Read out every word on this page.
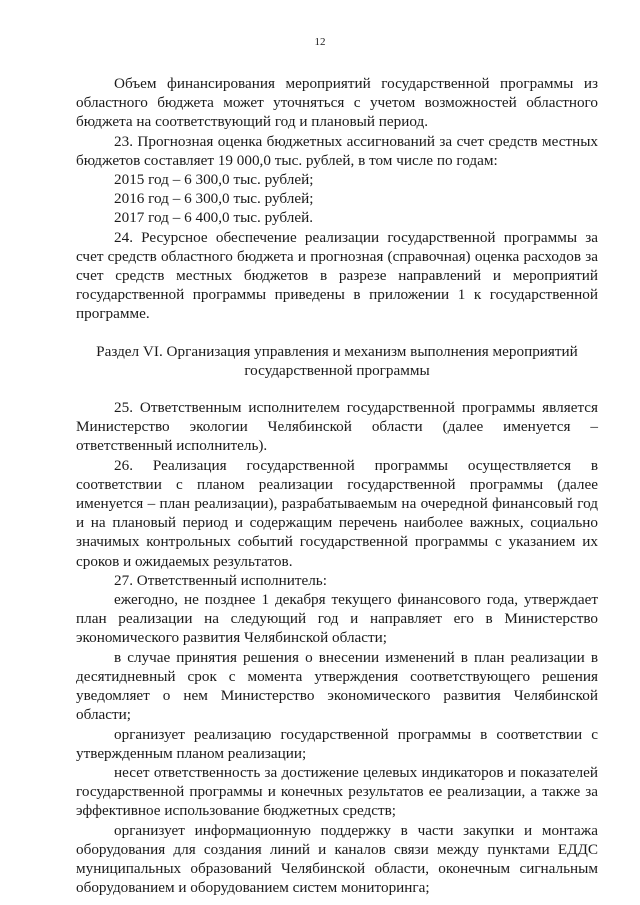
12

Объем финансирования мероприятий государственной программы из областного бюджета может уточняться с учетом возможностей областного бюджета на соответствующий год и плановый период.

23. Прогнозная оценка бюджетных ассигнований за счет средств местных бюджетов составляет 19 000,0 тыс. рублей, в том числе по годам:

2015 год – 6 300,0 тыс. рублей;

2016 год – 6 300,0 тыс. рублей;

2017 год – 6 400,0 тыс. рублей.

24. Ресурсное обеспечение реализации государственной программы за счет средств областного бюджета и прогнозная (справочная) оценка расходов за счет средств местных бюджетов в разрезе направлений и мероприятий государственной программы приведены в приложении 1 к государственной программе.

Раздел VI. Организация управления и механизм выполнения мероприятий государственной программы

25. Ответственным исполнителем государственной программы является Министерство экологии Челябинской области (далее именуется – ответственный исполнитель).

26. Реализация государственной программы осуществляется в соответствии с планом реализации государственной программы (далее именуется – план реализации), разрабатываемым на очередной финансовый год и на плановый период и содержащим перечень наиболее важных, социально значимых контрольных событий государственной программы с указанием их сроков и ожидаемых результатов.

27. Ответственный исполнитель:

ежегодно, не позднее 1 декабря текущего финансового года, утверждает план реализации на следующий год и направляет его в Министерство экономического развития Челябинской области;

в случае принятия решения о внесении изменений в план реализации в десятидневный срок с момента утверждения соответствующего решения уведомляет о нем Министерство экономического развития Челябинской области;

организует реализацию государственной программы в соответствии с утвержденным планом реализации;

несет ответственность за достижение целевых индикаторов и показателей государственной программы и конечных результатов ее реализации, а также за эффективное использование бюджетных средств;

организует информационную поддержку в части закупки и монтажа оборудования для создания линий и каналов связи между пунктами ЕДДС муниципальных образований Челябинской области, оконечным сигнальным оборудованием и оборудованием систем мониторинга;
